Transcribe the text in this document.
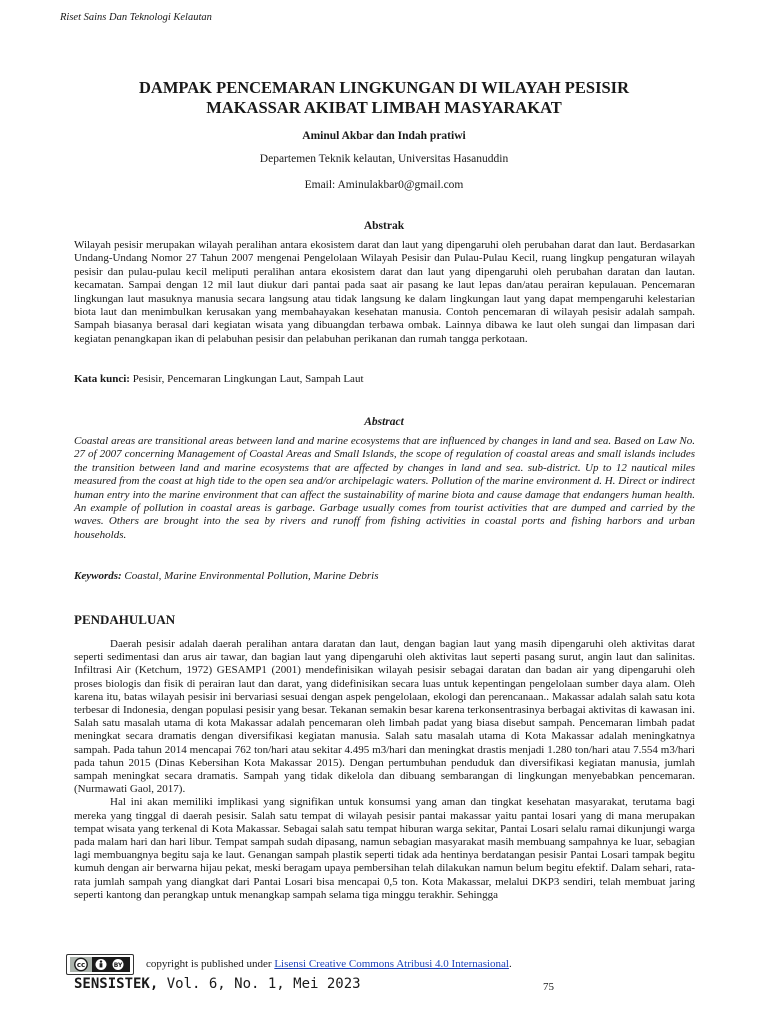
Riset Sains Dan Teknologi Kelautan
DAMPAK PENCEMARAN LINGKUNGAN DI WILAYAH PESISIR
MAKASSAR AKIBAT LIMBAH MASYARAKAT
Aminul Akbar dan Indah pratiwi
Departemen Teknik kelautan, Universitas Hasanuddin
Email: Aminulakbar0@gmail.com
Abstrak
Wilayah pesisir merupakan wilayah peralihan antara ekosistem darat dan laut yang dipengaruhi oleh perubahan darat dan laut. Berdasarkan Undang-Undang Nomor 27 Tahun 2007 mengenai Pengelolaan Wilayah Pesisir dan Pulau-Pulau Kecil, ruang lingkup pengaturan wilayah pesisir dan pulau-pulau kecil meliputi peralihan antara ekosistem darat dan laut yang dipengaruhi oleh perubahan daratan dan lautan. kecamatan. Sampai dengan 12 mil laut diukur dari pantai pada saat air pasang ke laut lepas dan/atau perairan kepulauan. Pencemaran lingkungan laut masuknya manusia secara langsung atau tidak langsung ke dalam lingkungan laut yang dapat mempengaruhi kelestarian biota laut dan menimbulkan kerusakan yang membahayakan kesehatan manusia. Contoh pencemaran di wilayah pesisir adalah sampah. Sampah biasanya berasal dari kegiatan wisata yang dibuangdan terbawa ombak. Lainnya dibawa ke laut oleh sungai dan limpasan dari kegiatan penangkapan ikan di pelabuhan pesisir dan pelabuhan perikanan dan rumah tangga perkotaan.
Kata kunci: Pesisir, Pencemaran Lingkungan Laut, Sampah Laut
Abstract
Coastal areas are transitional areas between land and marine ecosystems that are influenced by changes in land and sea. Based on Law No. 27 of 2007 concerning Management of Coastal Areas and Small Islands, the scope of regulation of coastal areas and small islands includes the transition between land and marine ecosystems that are affected by changes in land and sea. sub-district. Up to 12 nautical miles measured from the coast at high tide to the open sea and/or archipelagic waters. Pollution of the marine environment d. H. Direct or indirect human entry into the marine environment that can affect the sustainability of marine biota and cause damage that endangers human health. An example of pollution in coastal areas is garbage. Garbage usually comes from tourist activities that are dumped and carried by the waves. Others are brought into the sea by rivers and runoff from fishing activities in coastal ports and fishing harbors and urban households.
Keywords: Coastal, Marine Environmental Pollution, Marine Debris
PENDAHULUAN

Daerah pesisir adalah daerah peralihan antara daratan dan laut, dengan bagian laut yang masih dipengaruhi oleh aktivitas darat seperti sedimentasi dan arus air tawar, dan bagian laut yang dipengaruhi oleh aktivitas laut seperti pasang surut, angin laut dan salinitas. Infiltrasi Air (Ketchum, 1972) GESAMP1 (2001) mendefinisikan wilayah pesisir sebagai daratan dan badan air yang dipengaruhi oleh proses biologis dan fisik di perairan laut dan darat, yang didefinisikan secara luas untuk kepentingan pengelolaan sumber daya alam. Oleh karena itu, batas wilayah pesisir ini bervariasi sesuai dengan aspek pengelolaan, ekologi dan perencanaan.. Makassar adalah salah satu kota terbesar di Indonesia, dengan populasi pesisir yang besar. Tekanan semakin besar karena terkonsentrasinya berbagai aktivitas di kawasan ini. Salah satu masalah utama di kota Makassar adalah pencemaran oleh limbah padat yang biasa disebut sampah. Pencemaran limbah padat meningkat secara dramatis dengan diversifikasi kegiatan manusia. Salah satu masalah utama di Kota Makassar adalah meningkatnya sampah. Pada tahun 2014 mencapai 762 ton/hari atau sekitar 4.495 m3/hari dan meningkat drastis menjadi 1.280 ton/hari atau 7.554 m3/hari pada tahun 2015 (Dinas Kebersihan Kota Makassar 2015). Dengan pertumbuhan penduduk dan diversifikasi kegiatan manusia, jumlah sampah meningkat secara dramatis. Sampah yang tidak dikelola dan dibuang sembarangan di lingkungan menyebabkan pencemaran. (Nurmawati Gaol, 2017).

Hal ini akan memiliki implikasi yang signifikan untuk konsumsi yang aman dan tingkat kesehatan masyarakat, terutama bagi mereka yang tinggal di daerah pesisir. Salah satu tempat di wilayah pesisir pantai makassar yaitu pantai losari yang di mana merupakan tempat wisata yang terkenal di Kota Makassar. Sebagai salah satu tempat hiburan warga sekitar, Pantai Losari selalu ramai dikunjungi warga pada malam hari dan hari libur. Tempat sampah sudah dipasang, namun sebagian masyarakat masih membuang sampahnya ke luar, sebagian lagi membuangnya begitu saja ke laut. Genangan sampah plastik seperti tidak ada hentinya berdatangan pesisir Pantai Losari tampak begitu kumuh dengan air berwarna hijau pekat, meski beragam upaya pembersihan telah dilakukan namun belum begitu efektif. Dalam sehari, rata-rata jumlah sampah yang diangkat dari Pantai Losari bisa mencapai 0,5 ton. Kota Makassar, melalui DKP3 sendiri, telah membuat jaring seperti kantong dan perangkap untuk menangkap sampah selama tiga minggu terakhir. Sehingga

cc	BY copyright is published under Lisensi Creative Commons Atribusi 4.0 Internasional.
SENSISTEK, Vol. 6, No. 1, Mei 2023	75
